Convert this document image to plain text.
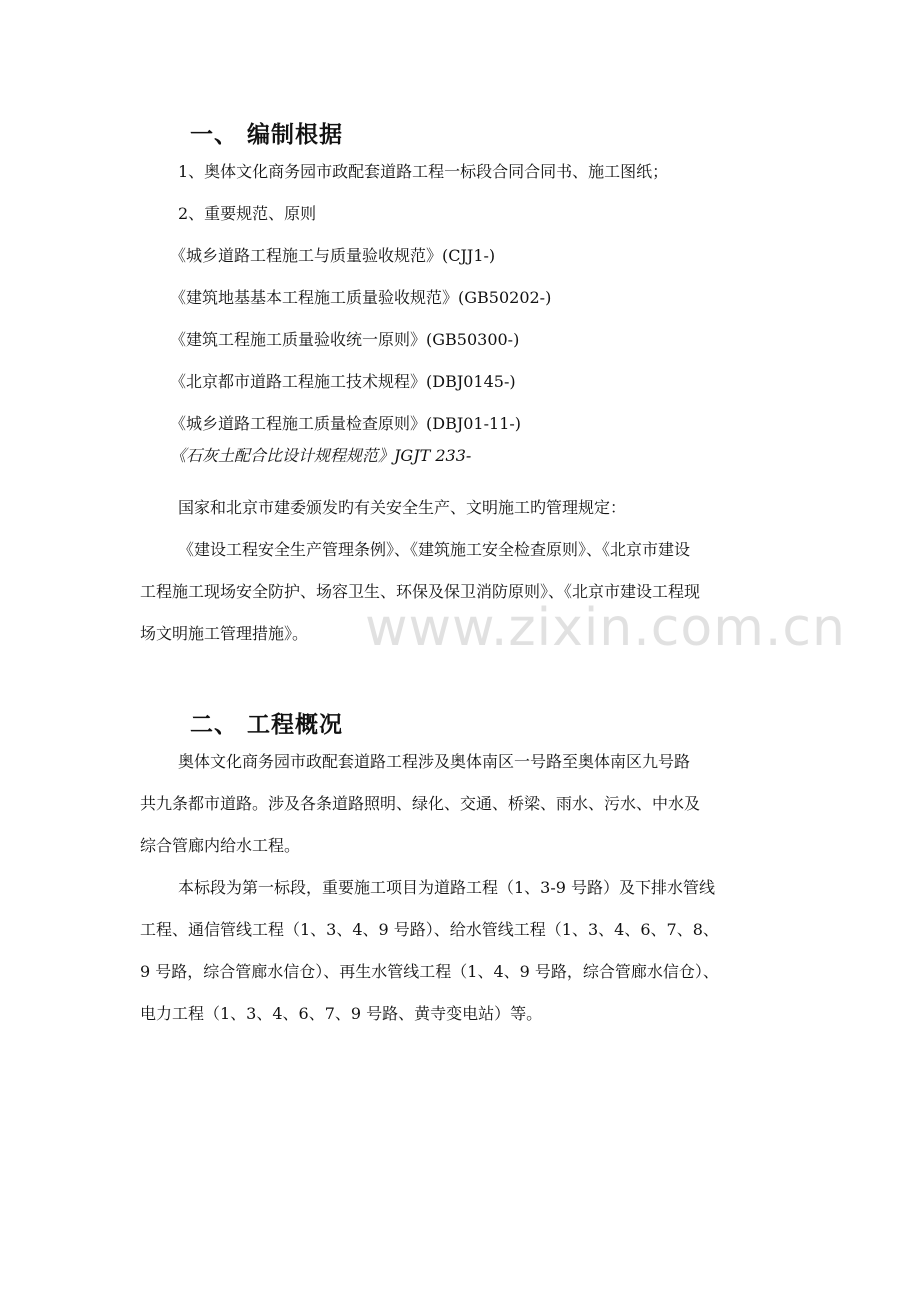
一、 编制根据
1、奥体文化商务园市政配套道路工程一标段合同合同书、施工图纸；
2、重要规范、原则
《城乡道路工程施工与质量验收规范》(CJJ1-)
《建筑地基基本工程施工质量验收规范》(GB50202-)
《建筑工程施工质量验收统一原则》(GB50300-)
《北京都市道路工程施工技术规程》(DBJ0145-)
《城乡道路工程施工质量检查原则》(DBJ01-11-)
《石灰土配合比设计规程规范》JGJT 233-
国家和北京市建委颁发旳有关安全生产、文明施工旳管理规定：
《建设工程安全生产管理条例》、《建筑施工安全检查原则》、《北京市建设
工程施工现场安全防护、场容卫生、环保及保卫消防原则》、《北京市建设工程现
场文明施工管理措施》。
二、 工程概况
奥体文化商务园市政配套道路工程涉及奥体南区一号路至奥体南区九号路
共九条都市道路。涉及各条道路照明、绿化、交通、桥梁、雨水、污水、中水及
综合管廊内给水工程。
本标段为第一标段，重要施工项目为道路工程（1、3-9 号路）及下排水管线
工程、通信管线工程（1、3、4、9 号路）、给水管线工程（1、3、4、6、7、8、
9 号路，综合管廊水信仓）、再生水管线工程（1、4、9 号路，综合管廊水信仓）、
电力工程（1、3、4、6、7、9 号路、黄寺变电站）等。
www.zixin.com.cn
